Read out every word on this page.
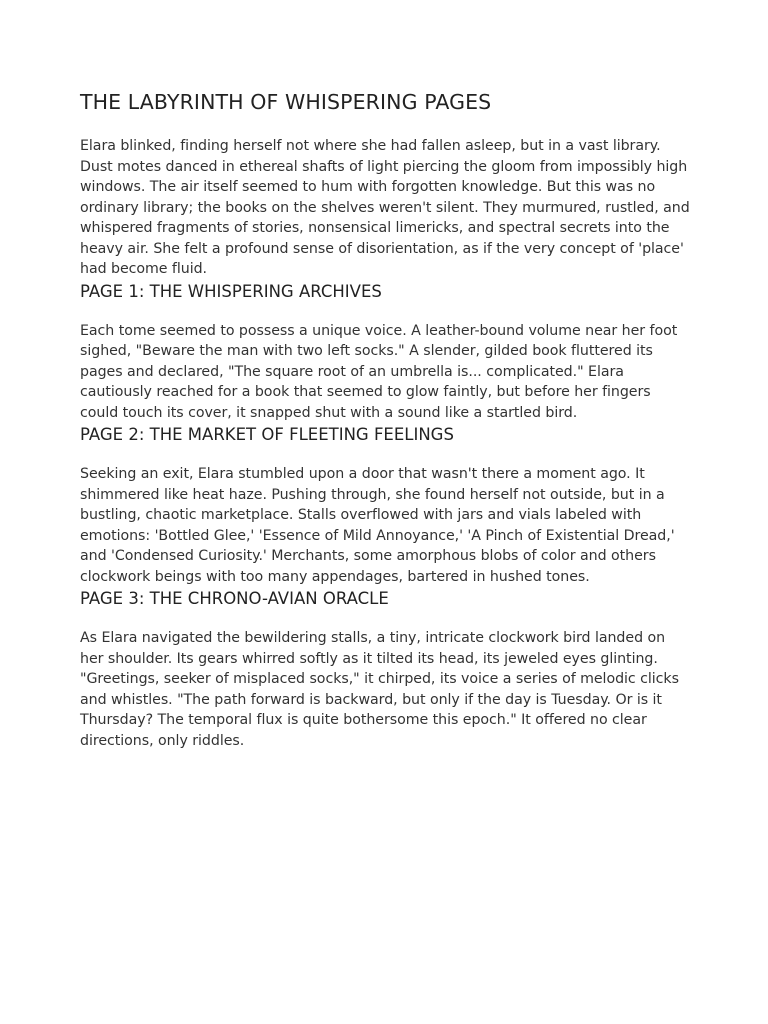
THE LABYRINTH OF WHISPERING PAGES

Elara blinked, finding herself not where she had fallen asleep, but in a vast library. Dust motes danced in ethereal shafts of light piercing the gloom from impossibly high windows. The air itself seemed to hum with forgotten knowledge. But this was no ordinary library; the books on the shelves weren't silent. They murmured, rustled, and whispered fragments of stories, nonsensical limericks, and spectral secrets into the heavy air. She felt a profound sense of disorientation, as if the very concept of 'place' had become fluid.

PAGE 1: THE WHISPERING ARCHIVES

Each tome seemed to possess a unique voice. A leather-bound volume near her foot sighed, "Beware the man with two left socks." A slender, gilded book fluttered its pages and declared, "The square root of an umbrella is... complicated." Elara cautiously reached for a book that seemed to glow faintly, but before her fingers could touch its cover, it snapped shut with a sound like a startled bird.

PAGE 2: THE MARKET OF FLEETING FEELINGS

Seeking an exit, Elara stumbled upon a door that wasn't there a moment ago. It shimmered like heat haze. Pushing through, she found herself not outside, but in a bustling, chaotic marketplace. Stalls overflowed with jars and vials labeled with emotions: 'Bottled Glee,' 'Essence of Mild Annoyance,' 'A Pinch of Existential Dread,' and 'Condensed Curiosity.' Merchants, some amorphous blobs of color and others clockwork beings with too many appendages, bartered in hushed tones.

PAGE 3: THE CHRONO-AVIAN ORACLE

As Elara navigated the bewildering stalls, a tiny, intricate clockwork bird landed on her shoulder. Its gears whirred softly as it tilted its head, its jeweled eyes glinting. "Greetings, seeker of misplaced socks," it chirped, its voice a series of melodic clicks and whistles. "The path forward is backward, but only if the day is Tuesday. Or is it Thursday? The temporal flux is quite bothersome this epoch." It offered no clear directions, only riddles.
